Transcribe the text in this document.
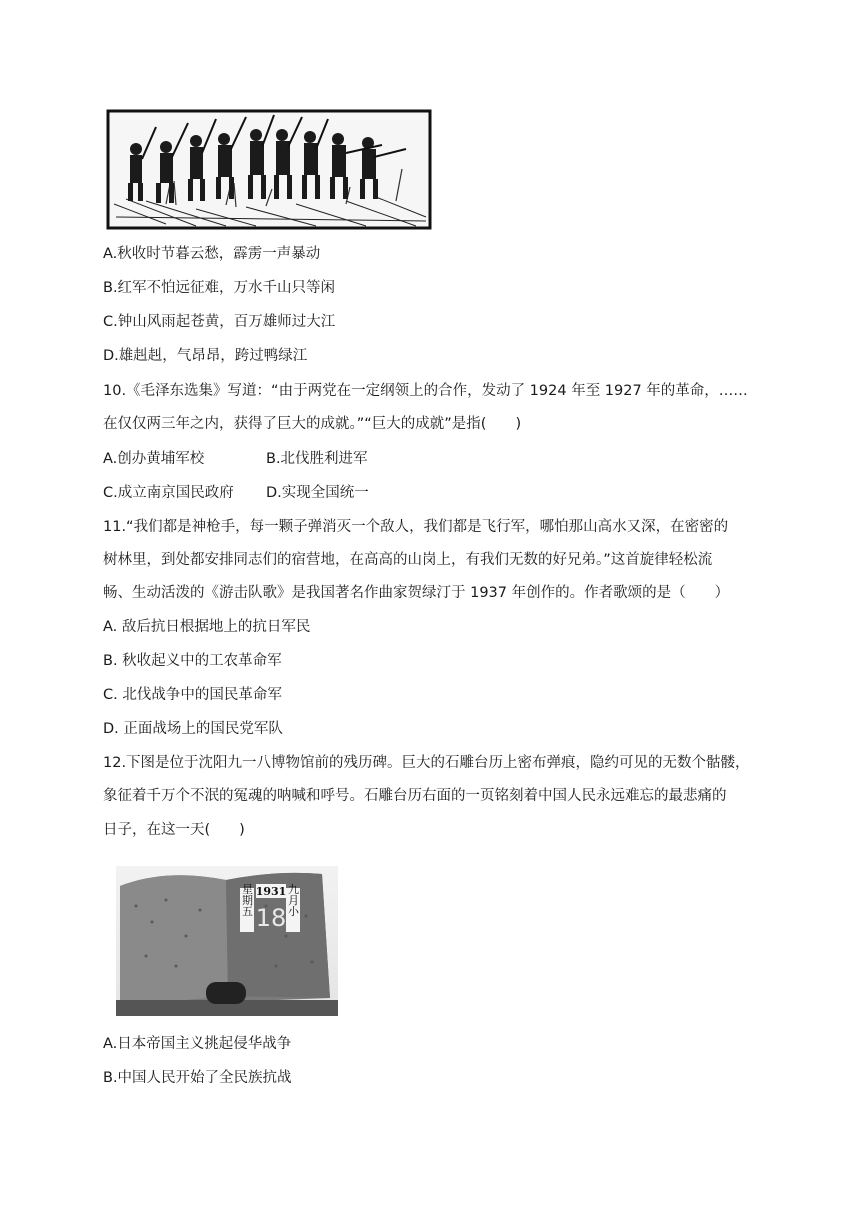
A.秋收时节暮云愁，霹雳一声暴动
B.红军不怕远征难，万水千山只等闲
C.钟山风雨起苍黄，百万雄师过大江
D.雄赳赳，气昂昂，跨过鸭绿江
10.《毛泽东选集》写道：“由于两党在一定纲领上的合作，发动了 1924 年至 1927 年的革命，……
在仅仅两三年之内，获得了巨大的成就。”“巨大的成就”是指(　　)
A.创办黄埔军校	B.北伐胜利进军
C.成立南京国民政府 D.实现全国统一
11.“我们都是神枪手，每一颗子弹消灭一个敌人，我们都是飞行军，哪怕那山高水又深，在密密的
树林里，到处都安排同志们的宿营地，在高高的山岗上，有我们无数的好兄弟。”这首旋律轻松流
畅、生动活泼的《游击队歌》是我国著名作曲家贺绿汀于 1937 年创作的。作者歌颂的是（　　）
A. 敌后抗日根据地上的抗日军民
B. 秋收起义中的工农革命军
C. 北伐战争中的国民革命军
D. 正面战场上的国民党军队
12.下图是位于沈阳九一八博物馆前的残历碑。巨大的石雕台历上密布弹痕，隐约可见的无数个骷髅，
象征着千万个不泯的冤魂的呐喊和呼号。石雕台历右面的一页铭刻着中国人民永远难忘的最悲痛的
日子，在这一天(　　)
1931
星期五	九月小
18
A.日本帝国主义挑起侵华战争
B.中国人民开始了全民族抗战
